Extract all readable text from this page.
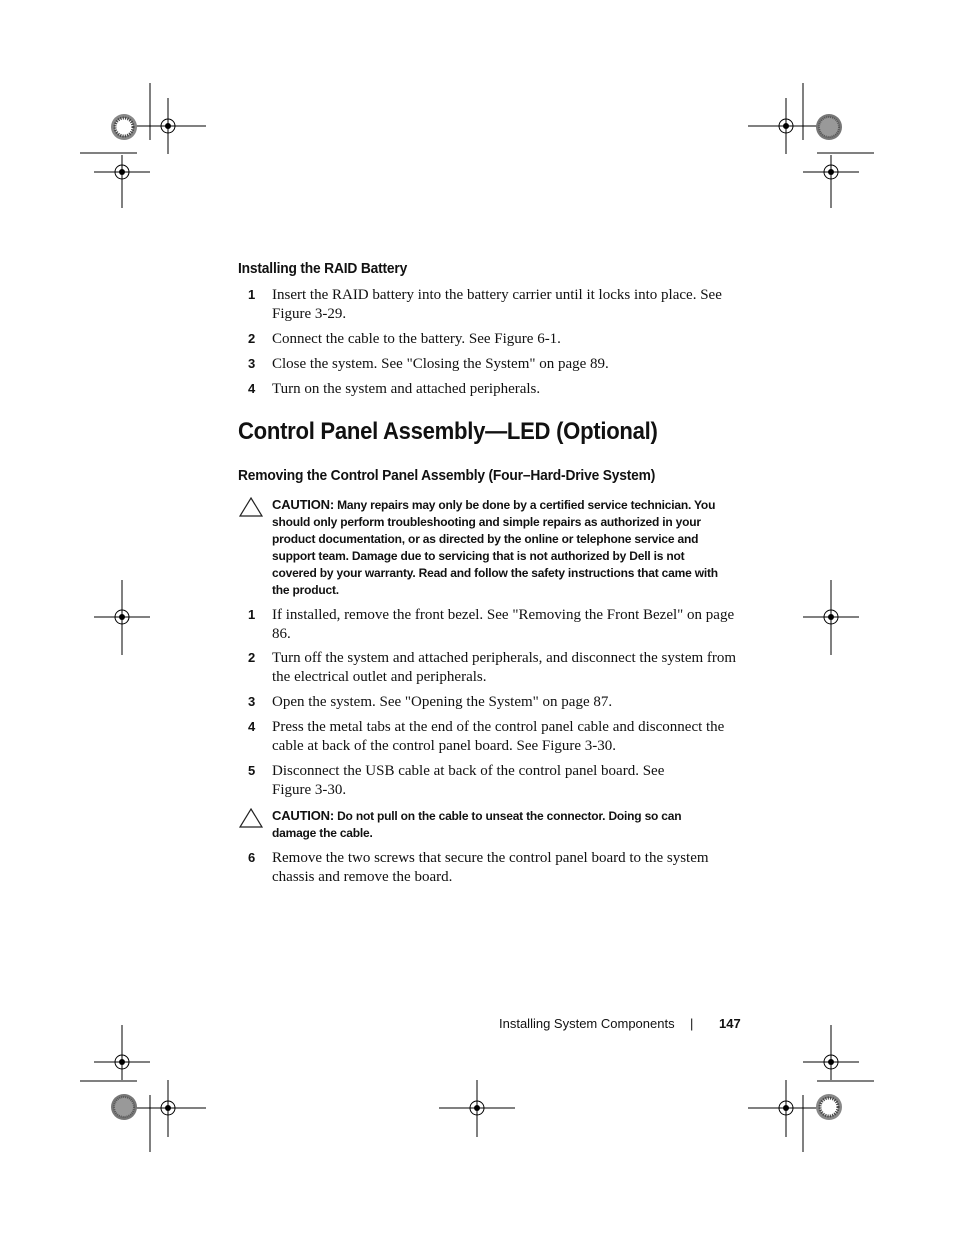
Installing the RAID Battery
1 Insert the RAID battery into the battery carrier until it locks into place. See Figure 3-29.
2 Connect the cable to the battery. See Figure 6-1.
3 Close the system. See "Closing the System" on page 89.
4 Turn on the system and attached peripherals.
Control Panel Assembly—LED (Optional)
Removing the Control Panel Assembly (Four–Hard-Drive System)
CAUTION: Many repairs may only be done by a certified service technician. You should only perform troubleshooting and simple repairs as authorized in your product documentation, or as directed by the online or telephone service and support team. Damage due to servicing that is not authorized by Dell is not covered by your warranty. Read and follow the safety instructions that came with the product.
1 If installed, remove the front bezel. See "Removing the Front Bezel" on page 86.
2 Turn off the system and attached peripherals, and disconnect the system from the electrical outlet and peripherals.
3 Open the system. See "Opening the System" on page 87.
4 Press the metal tabs at the end of the control panel cable and disconnect the cable at back of the control panel board. See Figure 3-30.
5 Disconnect the USB cable at back of the control panel board. See Figure 3-30.
CAUTION: Do not pull on the cable to unseat the connector. Doing so can damage the cable.
6 Remove the two screws that secure the control panel board to the system chassis and remove the board.
Installing System Components | 147
